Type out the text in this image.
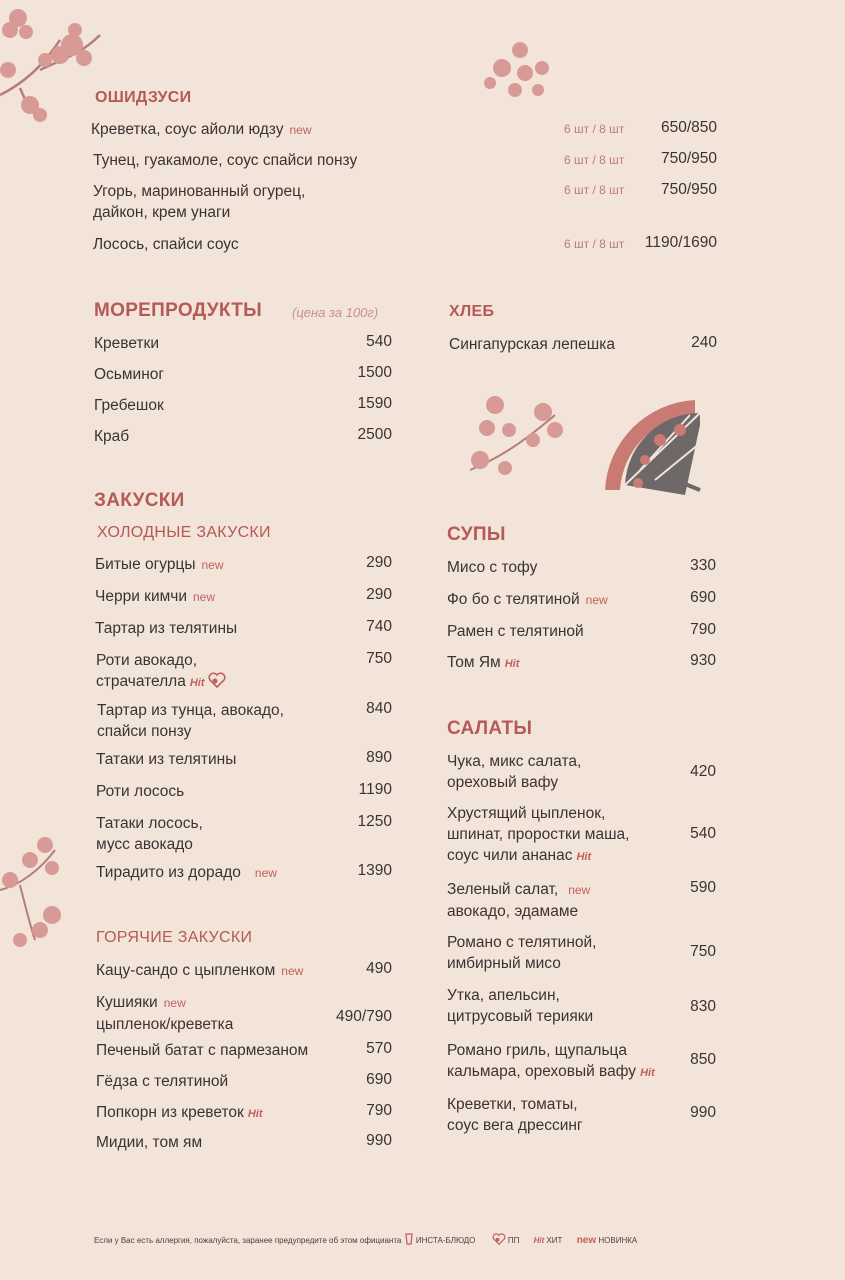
ОШИДЗУСИ
Креветка, соус айоли юдзу new	6 шт / 8 шт	650/850
Тунец, гуакамоле, соус спайси понзу	6 шт / 8 шт	750/950
Угорь, маринованный огурец,
дайкон, крем унаги
6 шт / 8 шт	750/950
Лосось, спайси соус	6 шт / 8 шт	1190/1690
МОРЕПРОДУКТЫ (цена за 100г)
Креветки	540
Осьминог	1500
Гребешок	1590
Краб	2500
ХЛЕБ
Сингапурская лепешка	240
ЗАКУСКИ
ХОЛОДНЫЕ ЗАКУСКИ
Битые огурцы new	290
Черри кимчи new	290
Тартар из телятины	740
Роти авокадо,
страчателла Hit
750
Тартар из тунца, авокадо,
спайси понзу
840
Татаки из телятины	890
Роти лосось	1190
Татаки лосось,
мусс авокадо
1250
Тирадито из дорадо new	1390
ГОРЯЧИЕ ЗАКУСКИ
Кацу-сандо с цыпленком new	490
Кушияки new
цыпленок/креветка	490/790
Печеный батат с пармезаном	570
Гёдза с телятиной	690
Попкорн из креветок Hit	790
Мидии, том ям	990
СУПЫ
Мисо с тофу	330
Фо бо с телятиной new	690
Рамен с телятиной	790
Том Ям Hit	930
САЛАТЫ
Чука, микс салата,
ореховый вафу
420
Хрустящий цыпленок,
шпинат, проростки маша,
соус чили ананас Hit
540
Зеленый салат, new
авокадо, эдамаме
590
Романо с телятиной,
имбирный мисо
750
Утка, апельсин,
цитрусовый терияки
830
Романо гриль, щупальца
кальмара, ореховый вафу Hit
850
Креветки, томаты,
соус вега дрессинг
990
Если у Вас есть аллергия, пожалуйста, заранее предупредите об этом официанта ИНСТА-БЛЮДО	ПП Hit ХИТ new НОВИНКА
